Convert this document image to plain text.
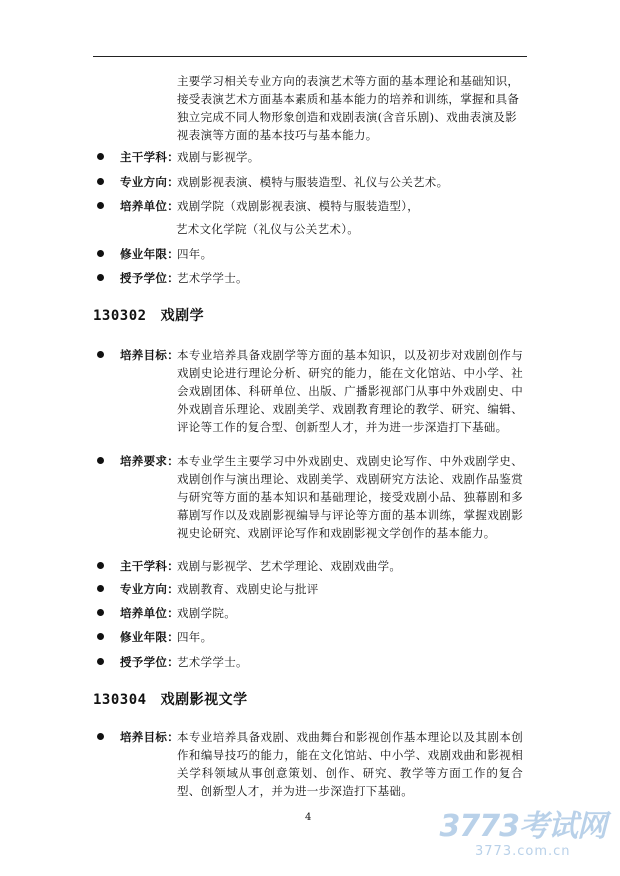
主要学习相关专业方向的表演艺术等方面的基本理论和基础知识，接受表演艺术方面基本素质和基本能力的培养和训练，掌握和具备独立完成不同人物形象创造和戏剧表演(含音乐剧)、戏曲表演及影视表演等方面的基本技巧与基本能力。
主干学科：
戏剧与影视学。
专业方向：
戏剧影视表演、模特与服装造型、礼仪与公关艺术。
培养单位：
戏剧学院（戏剧影视表演、模特与服装造型），
艺术文化学院（礼仪与公关艺术）。
修业年限：
四年。
授予学位：
艺术学学士。
130302 戏剧学
培养目标：
本专业培养具备戏剧学等方面的基本知识，以及初步对戏剧创作与戏剧史论进行理论分析、研究的能力，能在文化馆站、中小学、社会戏剧团体、科研单位、出版、广播影视部门从事中外戏剧史、中外戏剧音乐理论、戏剧美学、戏剧教育理论的教学、研究、编辑、评论等工作的复合型、创新型人才，并为进一步深造打下基础。
培养要求：
本专业学生主要学习中外戏剧史、戏剧史论写作、中外戏剧学史、戏剧创作与演出理论、戏剧美学、戏剧研究方法论、戏剧作品鉴赏与研究等方面的基本知识和基础理论，接受戏剧小品、独幕剧和多幕剧写作以及戏剧影视编导与评论等方面的基本训练，掌握戏剧影视史论研究、戏剧评论写作和戏剧影视文学创作的基本能力。
主干学科：
戏剧与影视学、艺术学理论、戏剧戏曲学。
专业方向：
戏剧教育、戏剧史论与批评
培养单位：
戏剧学院。
修业年限：
四年。
授予学位：
艺术学学士。
130304 戏剧影视文学
培养目标：
本专业培养具备戏剧、戏曲舞台和影视创作基本理论以及其剧本创作和编导技巧的能力，能在文化馆站、中小学、戏剧戏曲和影视相关学科领域从事创意策划、创作、研究、教学等方面工作的复合型、创新型人才，并为进一步深造打下基础。
4	3773考试网
3773.com.cn
